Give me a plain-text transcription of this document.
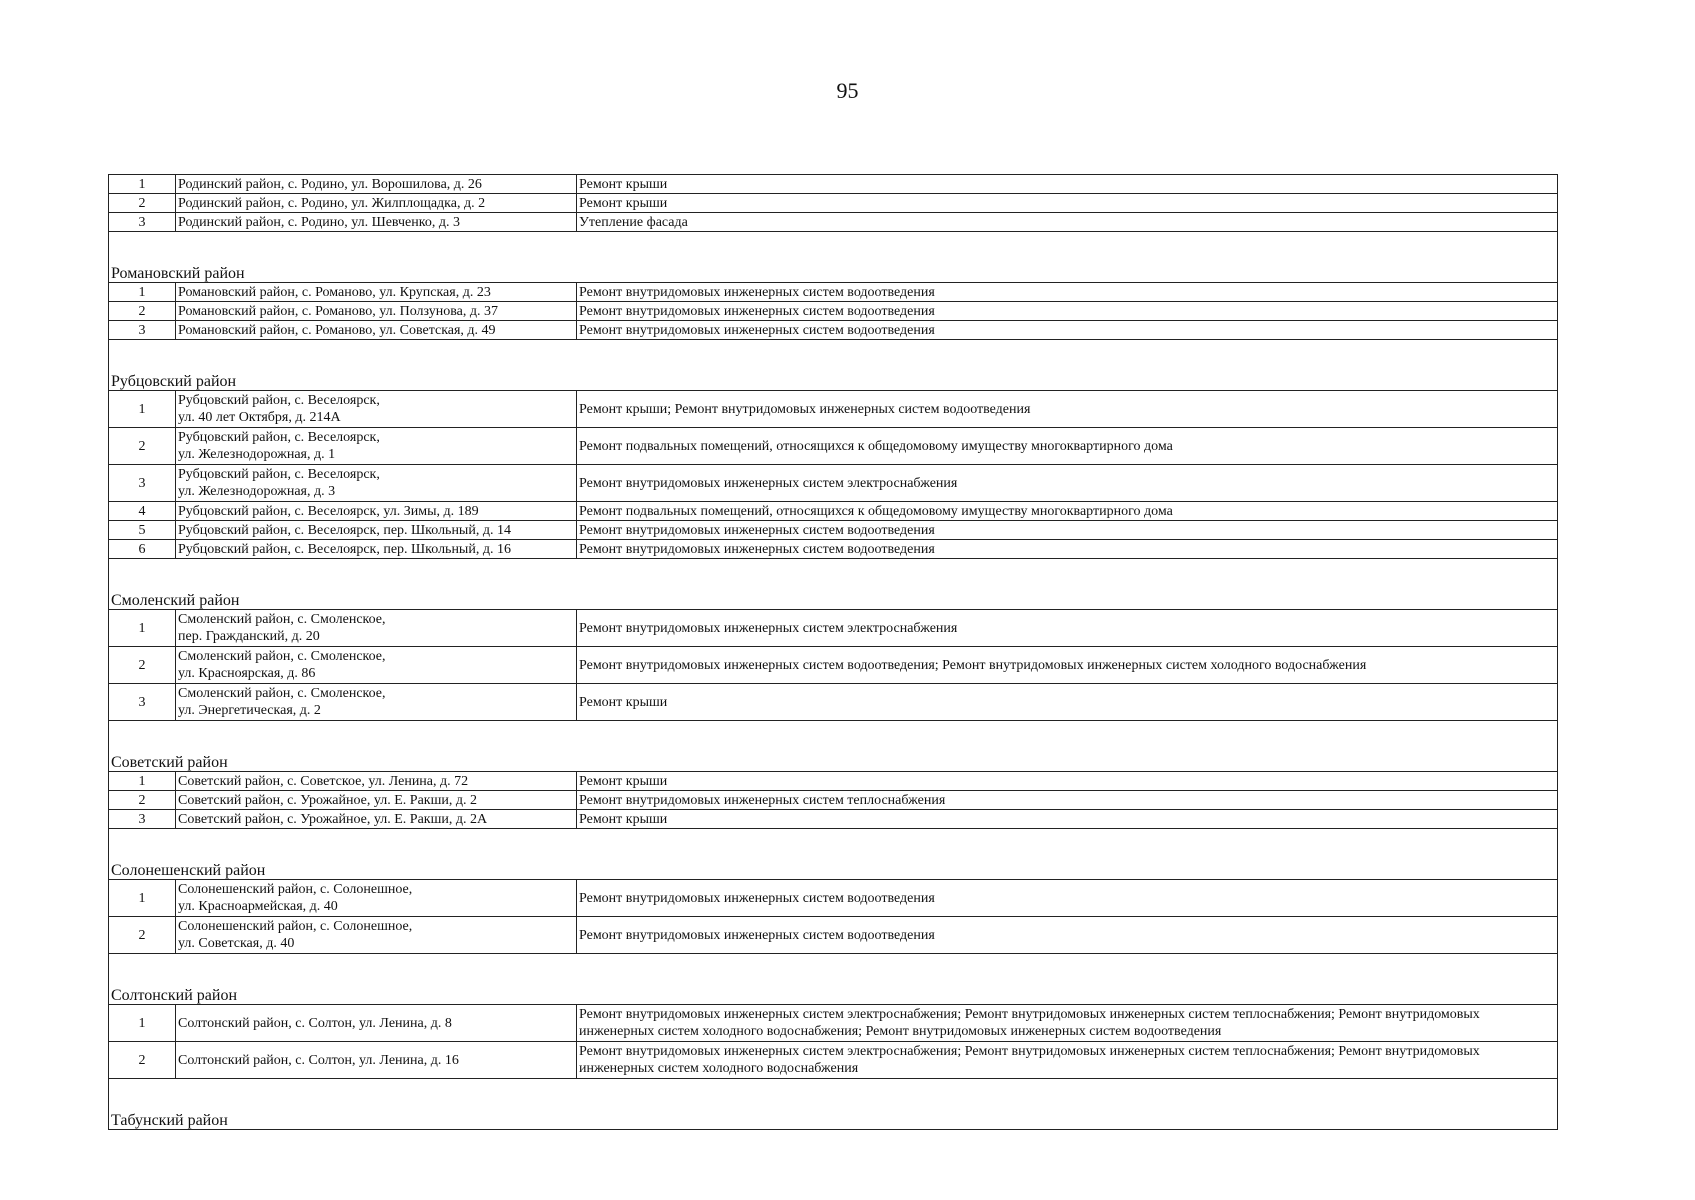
95
1	Родинский район, с. Родино, ул. Ворошилова, д. 26	Ремонт крыши
2	Родинский район, с. Родино, ул. Жилплощадка, д. 2	Ремонт крыши
3	Родинский район, с. Родино, ул. Шевченко, д. 3	Утепление фасада

Романовский район		
1	Романовский район, с. Романово, ул. Крупская, д. 23	Ремонт внутридомовых инженерных систем водоотведения
2	Романовский район, с. Романово, ул. Ползунова, д. 37	Ремонт внутридомовых инженерных систем водоотведения
3	Романовский район, с. Романово, ул. Советская, д. 49	Ремонт внутридомовых инженерных систем водоотведения

Рубцовский район		
1	Рубцовский район, с. Веселоярск,
ул. 40 лет Октября, д. 214А	Ремонт крыши; Ремонт внутридомовых инженерных систем водоотведения
2	Рубцовский район, с. Веселоярск,
ул. Железнодорожная, д. 1	Ремонт подвальных помещений, относящихся к общедомовому имуществу многоквартирного дома
3	Рубцовский район, с. Веселоярск,
ул. Железнодорожная, д. 3	Ремонт внутридомовых инженерных систем электроснабжения
4	Рубцовский район, с. Веселоярск, ул. Зимы, д. 189	Ремонт подвальных помещений, относящихся к общедомовому имуществу многоквартирного дома
5	Рубцовский район, с. Веселоярск, пер. Школьный, д. 14	Ремонт внутридомовых инженерных систем водоотведения
6	Рубцовский район, с. Веселоярск, пер. Школьный, д. 16	Ремонт внутридомовых инженерных систем водоотведения

Смоленский район		
1	Смоленский район, с. Смоленское,
пер. Гражданский, д. 20	Ремонт внутридомовых инженерных систем электроснабжения
2	Смоленский район, с. Смоленское,
ул. Красноярская, д. 86	Ремонт внутридомовых инженерных систем водоотведения; Ремонт внутридомовых инженерных систем холодного водоснабжения
3	Смоленский район, с. Смоленское,
ул. Энергетическая, д. 2	Ремонт крыши

Советский район		
1	Советский район, с. Советское, ул. Ленина, д. 72	Ремонт крыши
2	Советский район, с. Урожайное, ул. Е. Ракши, д. 2	Ремонт внутридомовых инженерных систем теплоснабжения
3	Советский район, с. Урожайное, ул. Е. Ракши, д. 2А	Ремонт крыши

Солонешенский район		
1	Солонешенский район, с. Солонешное,
ул. Красноармейская, д. 40	Ремонт внутридомовых инженерных систем водоотведения
2	Солонешенский район, с. Солонешное,
ул. Советская, д. 40	Ремонт внутридомовых инженерных систем водоотведения

Солтонский район		
1	Солтонский район, с. Солтон, ул. Ленина, д. 8	Ремонт внутридомовых инженерных систем электроснабжения; Ремонт внутридомовых инженерных систем теплоснабжения; Ремонт внутридомовых инженерных систем холодного водоснабжения; Ремонт внутридомовых инженерных систем водоотведения
2	Солтонский район, с. Солтон, ул. Ленина, д. 16	Ремонт внутридомовых инженерных систем электроснабжения; Ремонт внутридомовых инженерных систем теплоснабжения; Ремонт внутридомовых инженерных систем холодного водоснабжения

Табунский район		
